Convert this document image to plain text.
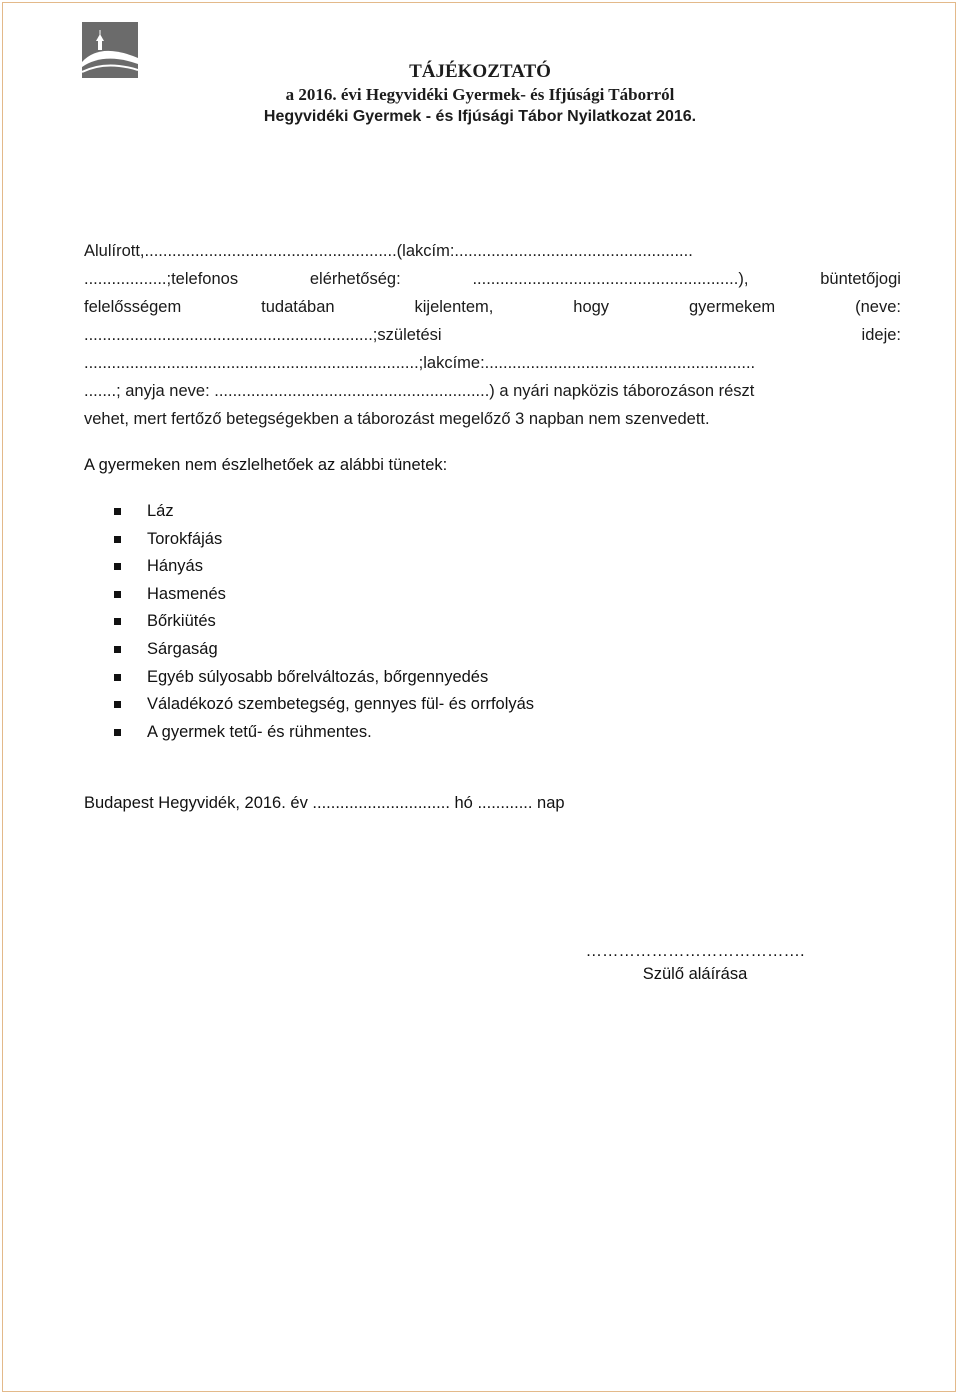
TÁJÉKOZTATÓ
a 2016. évi Hegyvidéki Gyermek- és Ifjúsági Táborról
Hegyvidéki Gyermek - és Ifjúsági Tábor Nyilatkozat 2016.
Alulírott,.......................................................(lakcím:....................................................
..................;telefonos	elérhetőség:	..........................................................),	büntetőjogi
felelősségem	tudatában	kijelentem,	hogy	gyermekem	(neve:
...............................................................;születési	ideje:
.........................................................................;lakcíme:...........................................................
.......; anyja neve: ............................................................) a nyári napközis táborozáson részt
vehet, mert fertőző betegségekben a táborozást megelőző 3 napban nem szenvedett.
A gyermeken nem észlelhetőek az alábbi tünetek:
Láz
Torokfájás
Hányás
Hasmenés
Bőrkiütés
Sárgaság
Egyéb súlyosabb bőrelváltozás, bőrgennyedés
Váladékozó szembetegség, gennyes fül- és orrfolyás
A gyermek tetű- és rühmentes.
Budapest Hegyvidék, 2016. év .............................. hó ............ nap
………………………………….
Szülő aláírása
